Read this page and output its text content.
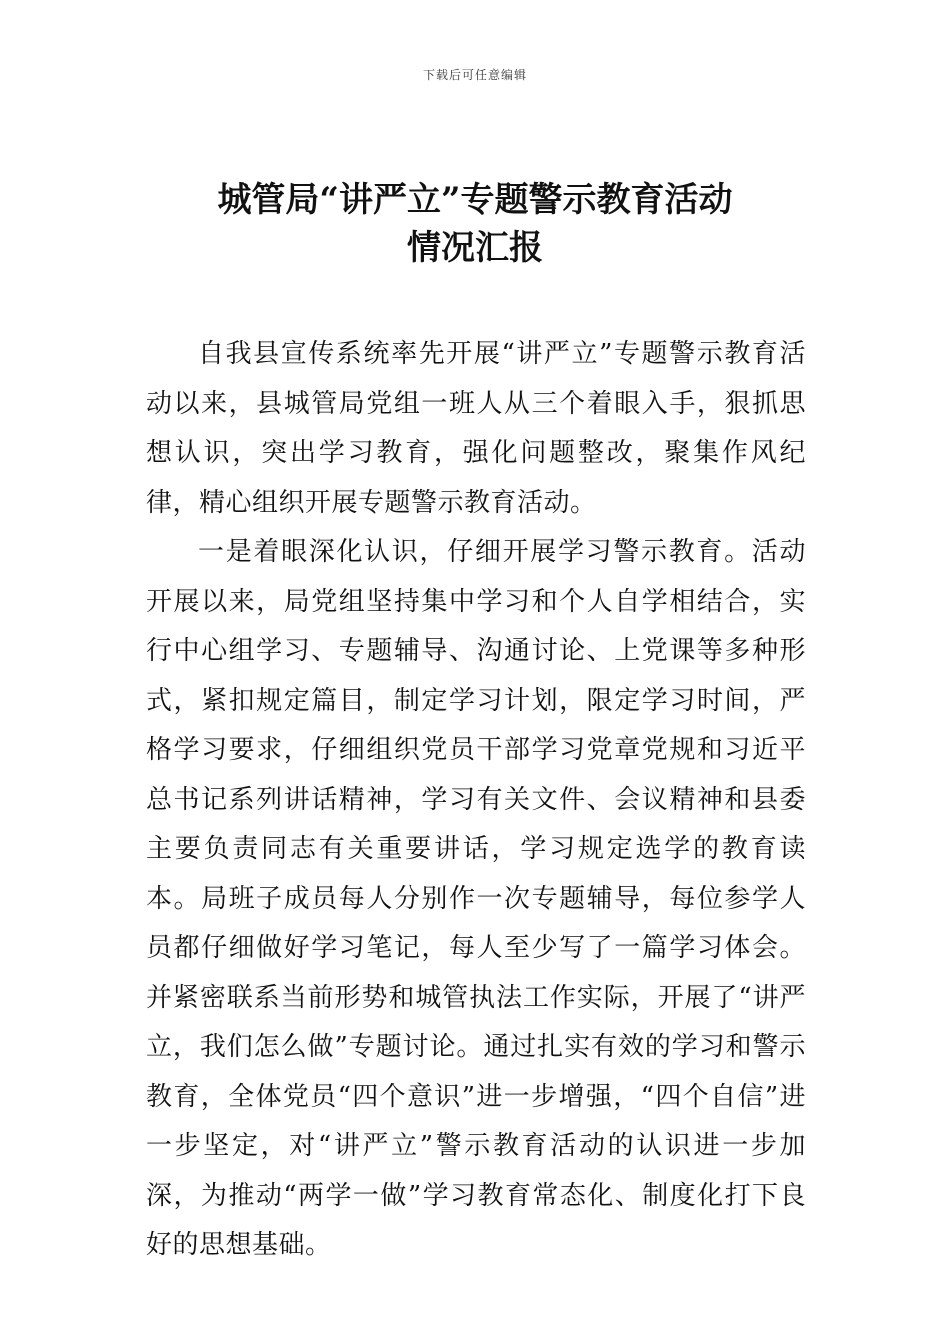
下载后可任意编辑
城管局“讲严立”专题警示教育活动
情况汇报

自我县宣传系统率先开展“讲严立”专题警示教育活动以来，县城管局党组一班人从三个着眼入手，狠抓思想认识，突出学习教育，强化问题整改，聚集作风纪律，精心组织开展专题警示教育活动。

一是着眼深化认识，仔细开展学习警示教育。活动开展以来，局党组坚持集中学习和个人自学相结合，实行中心组学习、专题辅导、沟通讨论、上党课等多种形式，紧扣规定篇目，制定学习计划，限定学习时间，严格学习要求，仔细组织党员干部学习党章党规和习近平总书记系列讲话精神，学习有关文件、会议精神和县委主要负责同志有关重要讲话，学习规定选学的教育读本。局班子成员每人分别作一次专题辅导，每位参学人员都仔细做好学习笔记，每人至少写了一篇学习体会。并紧密联系当前形势和城管执法工作实际，开展了“讲严立，我们怎么做”专题讨论。通过扎实有效的学习和警示教育，全体党员“四个意识”进一步增强，“四个自信”进一步坚定，对“讲严立”警示教育活动的认识进一步加深，为推动“两学一做”学习教育常态化、制度化打下良好的思想基础。
